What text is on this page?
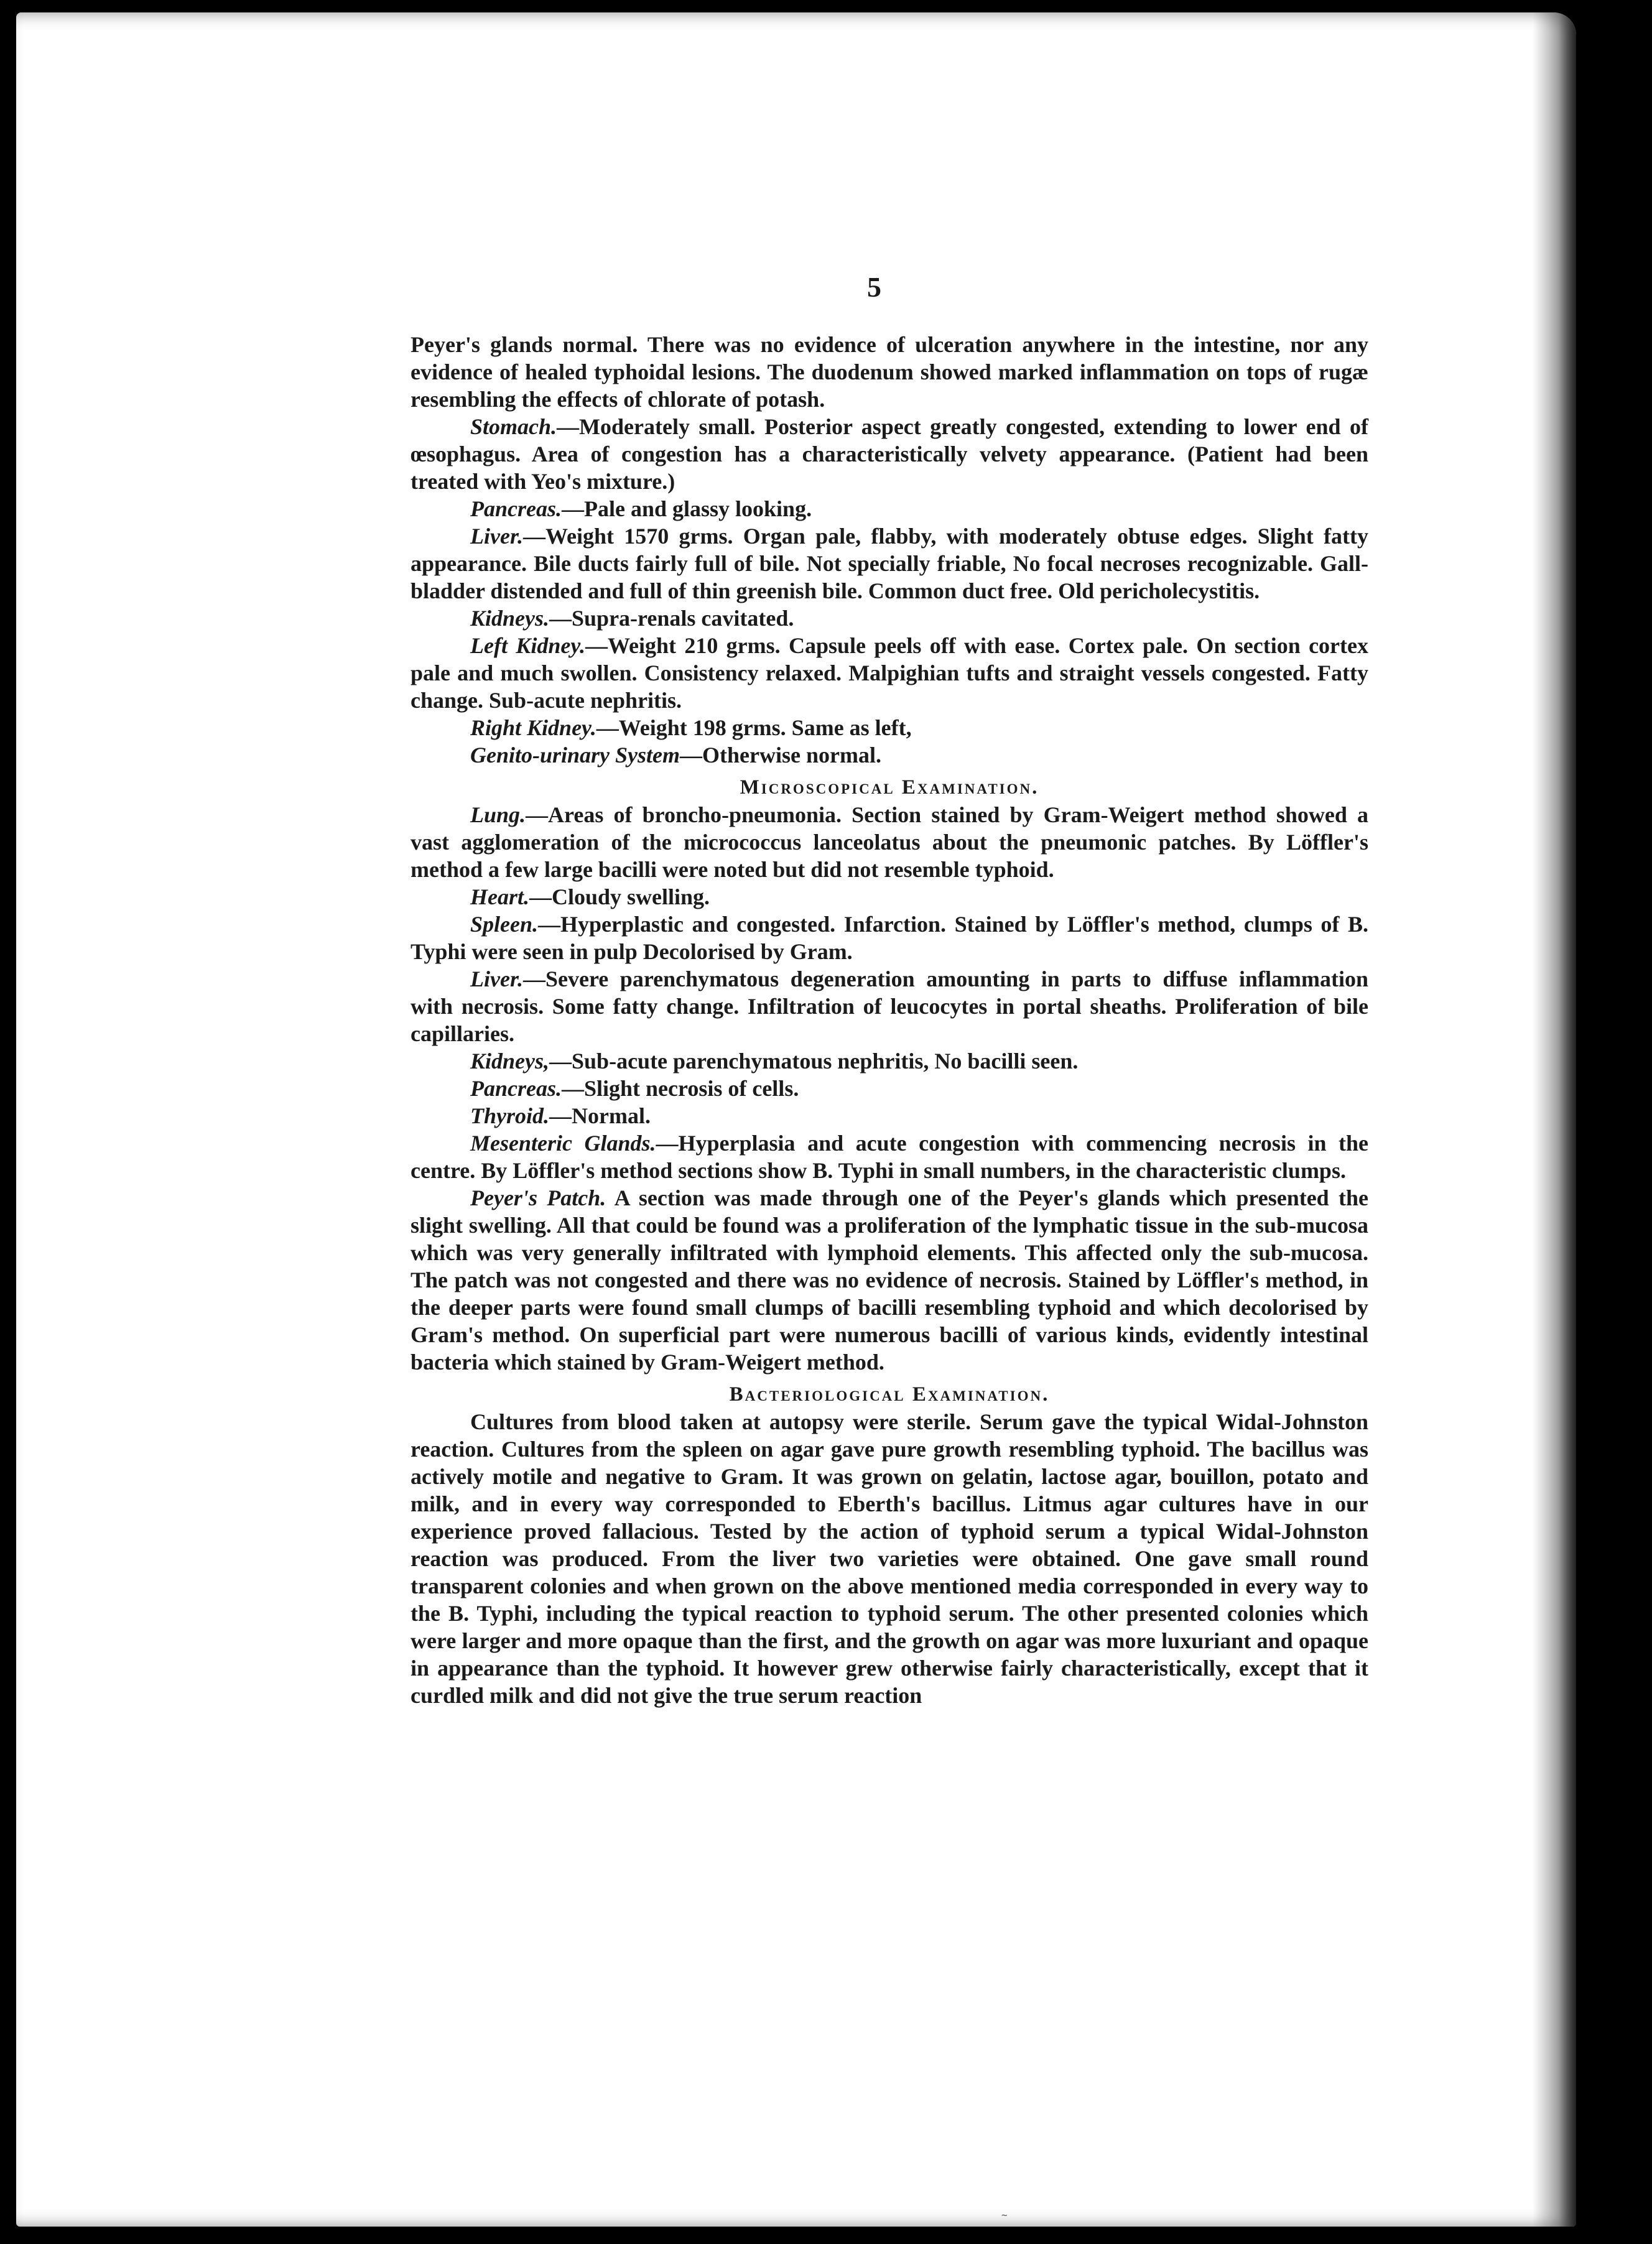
5

Peyer's glands normal. There was no evidence of ulceration anywhere in the intestine, nor any evidence of healed typhoidal lesions. The duodenum showed marked inflammation on tops of rugæ resembling the effects of chlorate of potash.

Stomach.—Moderately small. Posterior aspect greatly congested, extending to lower end of œsophagus. Area of congestion has a characteristically velvety appearance. (Patient had been treated with Yeo's mixture.)

Pancreas.—Pale and glassy looking.

Liver.—Weight 1570 grms. Organ pale, flabby, with moderately obtuse edges. Slight fatty appearance. Bile ducts fairly full of bile. Not specially friable, No focal necroses recognizable. Gall-bladder distended and full of thin greenish bile. Common duct free. Old pericholecystitis.

Kidneys.—Supra-renals cavitated.

Left Kidney.—Weight 210 grms. Capsule peels off with ease. Cortex pale. On section cortex pale and much swollen. Consistency relaxed. Malpighian tufts and straight vessels congested. Fatty change. Sub-acute nephritis.

Right Kidney.—Weight 198 grms. Same as left,

Genito-urinary System—Otherwise normal.

Microscopical Examination.

Lung.—Areas of broncho-pneumonia. Section stained by Gram-Weigert method showed a vast agglomeration of the micrococcus lanceolatus about the pneumonic patches. By Löffler's method a few large bacilli were noted but did not resemble typhoid.

Heart.—Cloudy swelling.

Spleen.—Hyperplastic and congested. Infarction. Stained by Löffler's method, clumps of B. Typhi were seen in pulp Decolorised by Gram.

Liver.—Severe parenchymatous degeneration amounting in parts to diffuse inflammation with necrosis. Some fatty change. Infiltration of leucocytes in portal sheaths. Proliferation of bile capillaries.

Kidneys,—Sub-acute parenchymatous nephritis, No bacilli seen.

Pancreas.—Slight necrosis of cells.

Thyroid.—Normal.

Mesenteric Glands.—Hyperplasia and acute congestion with commencing necrosis in the centre. By Löffler's method sections show B. Typhi in small numbers, in the characteristic clumps.

Peyer's Patch. A section was made through one of the Peyer's glands which presented the slight swelling. All that could be found was a proliferation of the lymphatic tissue in the sub-mucosa which was very generally infiltrated with lymphoid elements. This affected only the sub-mucosa. The patch was not congested and there was no evidence of necrosis. Stained by Löffler's method, in the deeper parts were found small clumps of bacilli resembling typhoid and which decolorised by Gram's method. On superficial part were numerous bacilli of various kinds, evidently intestinal bacteria which stained by Gram-Weigert method.

Bacteriological Examination.

Cultures from blood taken at autopsy were sterile. Serum gave the typical Widal-Johnston reaction. Cultures from the spleen on agar gave pure growth resembling typhoid. The bacillus was actively motile and negative to Gram. It was grown on gelatin, lactose agar, bouillon, potato and milk, and in every way corresponded to Eberth's bacillus. Litmus agar cultures have in our experience proved fallacious. Tested by the action of typhoid serum a typical Widal-Johnston reaction was produced. From the liver two varieties were obtained. One gave small round transparent colonies and when grown on the above mentioned media corresponded in every way to the B. Typhi, including the typical reaction to typhoid serum. The other presented colonies which were larger and more opaque than the first, and the growth on agar was more luxuriant and opaque in appearance than the typhoid. It however grew otherwise fairly characteristically, except that it curdled milk and did not give the true serum reaction

~
